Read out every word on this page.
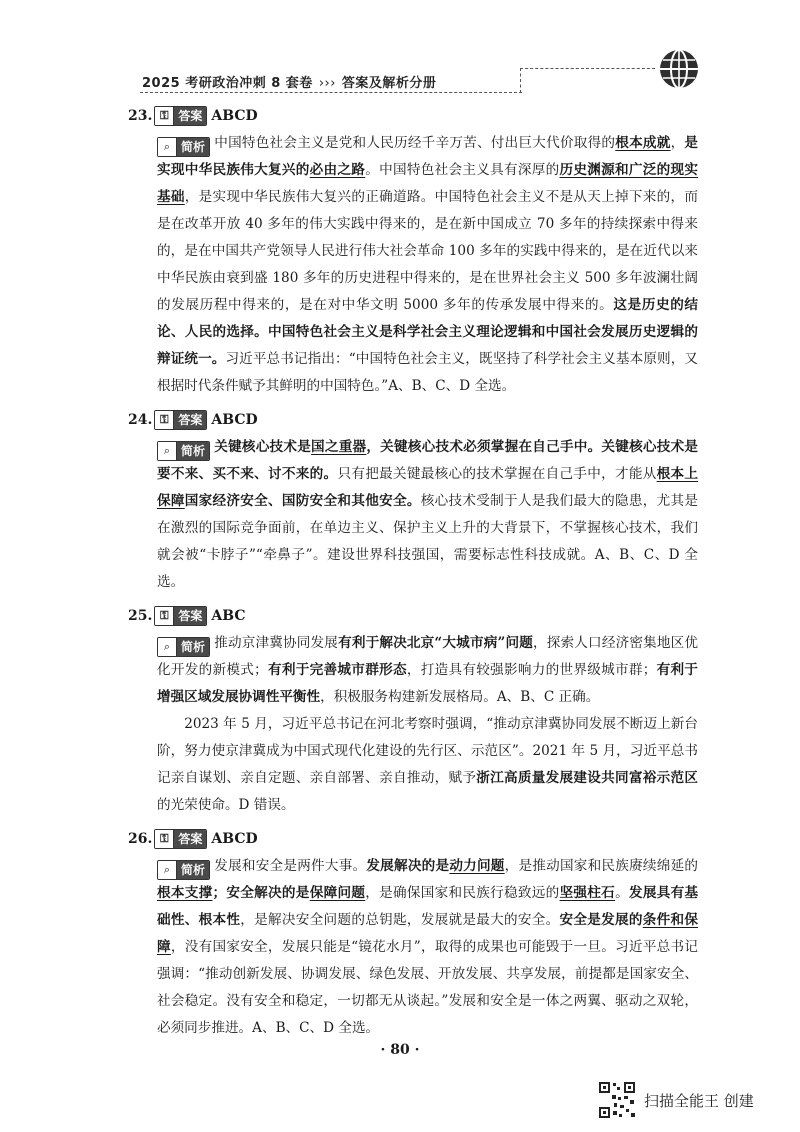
2025 考研政治冲刺 8 套卷 ››› 答案及解析分册
23. ⚿ 答案 ABCD

⌕ 简析 中国特色社会主义是党和人民历经千辛万苦、付出巨大代价取得的根本成就，是实现中华民族伟大复兴的必由之路。中国特色社会主义具有深厚的历史渊源和广泛的现实基础，是实现中华民族伟大复兴的正确道路。中国特色社会主义不是从天上掉下来的，而是在改革开放 40 多年的伟大实践中得来的，是在新中国成立 70 多年的持续探索中得来的，是在中国共产党领导人民进行伟大社会革命 100 多年的实践中得来的，是在近代以来中华民族由衰到盛 180 多年的历史进程中得来的，是在世界社会主义 500 多年波澜壮阔的发展历程中得来的，是在对中华文明 5000 多年的传承发展中得来的。这是历史的结论、人民的选择。中国特色社会主义是科学社会主义理论逻辑和中国社会发展历史逻辑的辩证统一。习近平总书记指出：“中国特色社会主义，既坚持了科学社会主义基本原则，又根据时代条件赋予其鲜明的中国特色。”A、B、C、D 全选。

24. ⚿ 答案 ABCD

⌕ 简析 关键核心技术是国之重器，关键核心技术必须掌握在自己手中。关键核心技术是要不来、买不来、讨不来的。只有把最关键最核心的技术掌握在自己手中，才能从根本上保障国家经济安全、国防安全和其他安全。核心技术受制于人是我们最大的隐患，尤其是在激烈的国际竞争面前，在单边主义、保护主义上升的大背景下，不掌握核心技术，我们就会被“卡脖子”“牵鼻子”。建设世界科技强国，需要标志性科技成就。A、B、C、D 全选。

25. ⚿ 答案 ABC

⌕ 简析 推动京津冀协同发展有利于解决北京“大城市病”问题，探索人口经济密集地区优化开发的新模式；有利于完善城市群形态，打造具有较强影响力的世界级城市群；有利于增强区域发展协调性平衡性，积极服务构建新发展格局。A、B、C 正确。

2023 年 5 月，习近平总书记在河北考察时强调，“推动京津冀协同发展不断迈上新台阶，努力使京津冀成为中国式现代化建设的先行区、示范区”。2021 年 5 月，习近平总书记亲自谋划、亲自定题、亲自部署、亲自推动，赋予浙江高质量发展建设共同富裕示范区的光荣使命。D 错误。

26. ⚿ 答案 ABCD

⌕ 简析 发展和安全是两件大事。发展解决的是动力问题，是推动国家和民族赓续绵延的根本支撑；安全解决的是保障问题，是确保国家和民族行稳致远的坚强柱石。发展具有基础性、根本性，是解决安全问题的总钥匙，发展就是最大的安全。安全是发展的条件和保障，没有国家安全，发展只能是“镜花水月”，取得的成果也可能毁于一旦。习近平总书记强调：“推动创新发展、协调发展、绿色发展、开放发展、共享发展，前提都是国家安全、社会稳定。没有安全和稳定，一切都无从谈起。”发展和安全是一体之两翼、驱动之双轮，必须同步推进。A、B、C、D 全选。

· 80 ·
扫描全能王 创建
